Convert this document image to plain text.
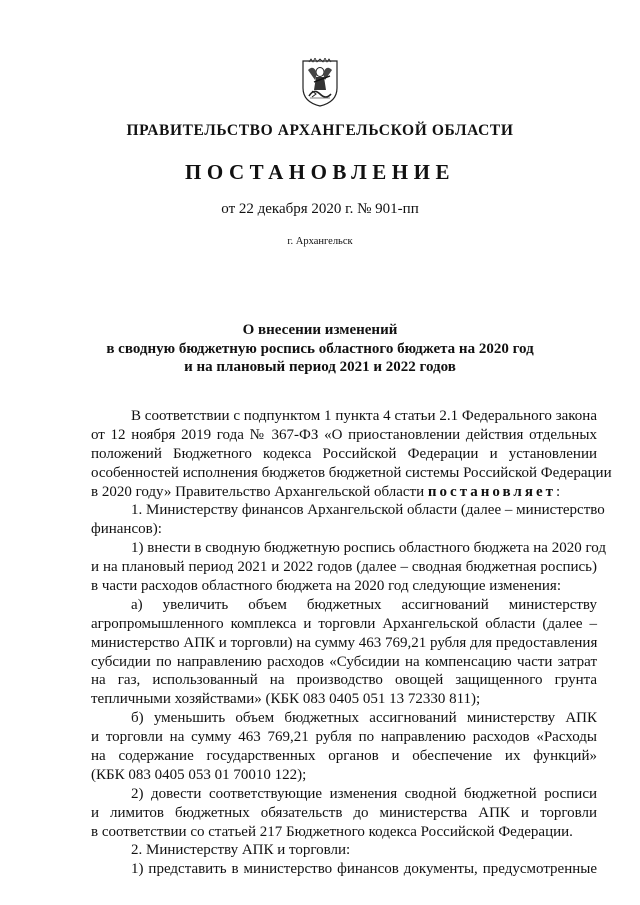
ПРАВИТЕЛЬСТВО АРХАНГЕЛЬСКОЙ ОБЛАСТИ
ПОСТАНОВЛЕНИЕ
от 22 декабря 2020 г. № 901-пп
г. Архангельск
О внесении изменений
в сводную бюджетную роспись областного бюджета на 2020 год
и на плановый период 2021 и 2022 годов
В соответствии с подпунктом 1 пункта 4 статьи 2.1 Федерального закона
от 12 ноября 2019 года № 367-ФЗ «О приостановлении действия отдельных
положений Бюджетного кодекса Российской Федерации и установлении
особенностей исполнения бюджетов бюджетной системы Российской Федерации
в 2020 году» Правительство Архангельской области постановляет:
1. Министерству финансов Архангельской области (далее – министерство
финансов):
1) внести в сводную бюджетную роспись областного бюджета на 2020 год
и на плановый период 2021 и 2022 годов (далее – сводная бюджетная роспись)
в части расходов областного бюджета на 2020 год следующие изменения:
а) увеличить объем бюджетных ассигнований министерству
агропромышленного комплекса и торговли Архангельской области (далее –
министерство АПК и торговли) на сумму 463 769,21 рубля для предоставления
субсидии по направлению расходов «Субсидии на компенсацию части затрат
на газ, использованный на производство овощей защищенного грунта
тепличными хозяйствами» (КБК 083 0405 051 13 72330 811);
б) уменьшить объем бюджетных ассигнований министерству АПК
и торговли на сумму 463 769,21 рубля по направлению расходов «Расходы
на содержание государственных органов и обеспечение их функций»
(КБК 083 0405 053 01 70010 122);
2) довести соответствующие изменения сводной бюджетной росписи
и лимитов бюджетных обязательств до министерства АПК и торговли
в соответствии со статьей 217 Бюджетного кодекса Российской Федерации.
2. Министерству АПК и торговли:
1) представить в министерство финансов документы, предусмотренные
